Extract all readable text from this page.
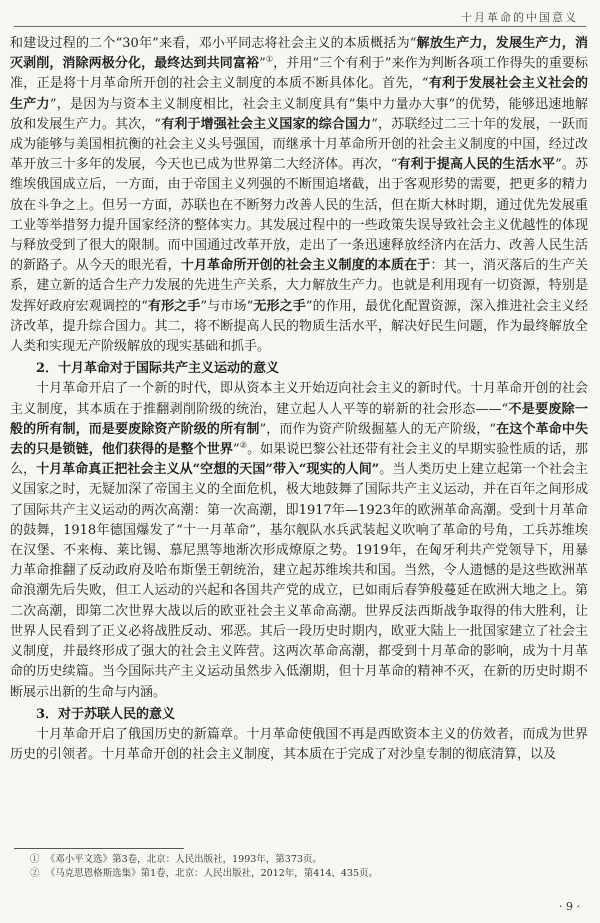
十月革命的中国意义

和建设过程的二个“30年”来看，邓小平同志将社会主义的本质概括为“解放生产力，发展生产力，消灭剥削，消除两极分化，最终达到共同富裕”①，并用“三个有利于”来作为判断各项工作得失的重要标准，正是将十月革命所开创的社会主义制度的本质不断具体化。首先，“有利于发展社会主义社会的生产力”，是因为与资本主义制度相比，社会主义制度具有“集中力量办大事”的优势，能够迅速地解放和发展生产力。其次，“有利于增强社会主义国家的综合国力”，苏联经过二三十年的发展，一跃而成为能够与美国相抗衡的社会主义头号强国，而继承十月革命所开创的社会主义制度的中国，经过改革开放三十多年的发展，今天也已成为世界第二大经济体。再次，“有利于提高人民的生活水平”。苏维埃俄国成立后，一方面，由于帝国主义列强的不断围追堵截，出于客观形势的需要，把更多的精力放在斗争之上。但另一方面，苏联也在不断努力改善人民的生活，但在斯大林时期，通过优先发展重工业等举措努力提升国家经济的整体实力。其发展过程中的一些政策失误导致社会主义优越性的体现与释放受到了很大的限制。而中国通过改革开放，走出了一条迅速释放经济内在活力、改善人民生活的新路子。从今天的眼光看，十月革命所开创的社会主义制度的本质在于：其一，消灭落后的生产关系，建立新的适合生产力发展的先进生产关系，大力解放生产力。也就是利用现有一切资源，特别是发挥好政府宏观调控的“有形之手”与市场“无形之手”的作用，最优化配置资源，深入推进社会主义经济改革，提升综合国力。其二，将不断提高人民的物质生活水平，解决好民生问题，作为最终解放全人类和实现无产阶级解放的现实基础和抓手。

2．十月革命对于国际共产主义运动的意义

十月革命开启了一个新的时代，即从资本主义开始迈向社会主义的新时代。十月革命开创的社会主义制度，其本质在于推翻剥削阶级的统治，建立起人人平等的崭新的社会形态——“不是要废除一般的所有制，而是要废除资产阶级的所有制”，而作为资产阶级掘墓人的无产阶级，“在这个革命中失去的只是锁链，他们获得的是整个世界”②。如果说巴黎公社还带有社会主义的早期实验性质的话，那么，十月革命真正把社会主义从“空想的天国”带入“现实的人间”。当人类历史上建立起第一个社会主义国家之时，无疑加深了帝国主义的全面危机，极大地鼓舞了国际共产主义运动，并在百年之间形成了国际共产主义运动的两次高潮：第一次高潮，即1917年—1923年的欧洲革命高潮。受到十月革命的鼓舞，1918年德国爆发了“十一月革命”，基尔舰队水兵武装起义吹响了革命的号角，工兵苏维埃在汉堡、不来梅、莱比锡、慕尼黑等地渐次形成燎原之势。1919年，在匈牙利共产党领导下，用暴力革命推翻了反动政府及哈布斯堡王朝统治，建立起苏维埃共和国。当然，令人遗憾的是这些欧洲革命浪潮先后失败，但工人运动的兴起和各国共产党的成立，已如雨后春笋般蔓延在欧洲大地之上。第二次高潮，即第二次世界大战以后的欧亚社会主义革命高潮。世界反法西斯战争取得的伟大胜利，让世界人民看到了正义必将战胜反动、邪恶。其后一段历史时期内，欧亚大陆上一批国家建立了社会主义制度，并最终形成了强大的社会主义阵营。这两次革命高潮，都受到十月革命的影响，成为十月革命的历史续篇。当今国际共产主义运动虽然步入低潮期，但十月革命的精神不灭，在新的历史时期不断展示出新的生命与内涵。

3．对于苏联人民的意义

十月革命开启了俄国历史的新篇章。十月革命使俄国不再是西欧资本主义的仿效者，而成为世界历史的引领者。十月革命开创的社会主义制度，其本质在于完成了对沙皇专制的彻底清算，以及

① 《邓小平文选》第3卷，北京：人民出版社，1993年，第373页。
② 《马克思恩格斯选集》第1卷，北京：人民出版社，2012年，第414、435页。
· 9 ·
